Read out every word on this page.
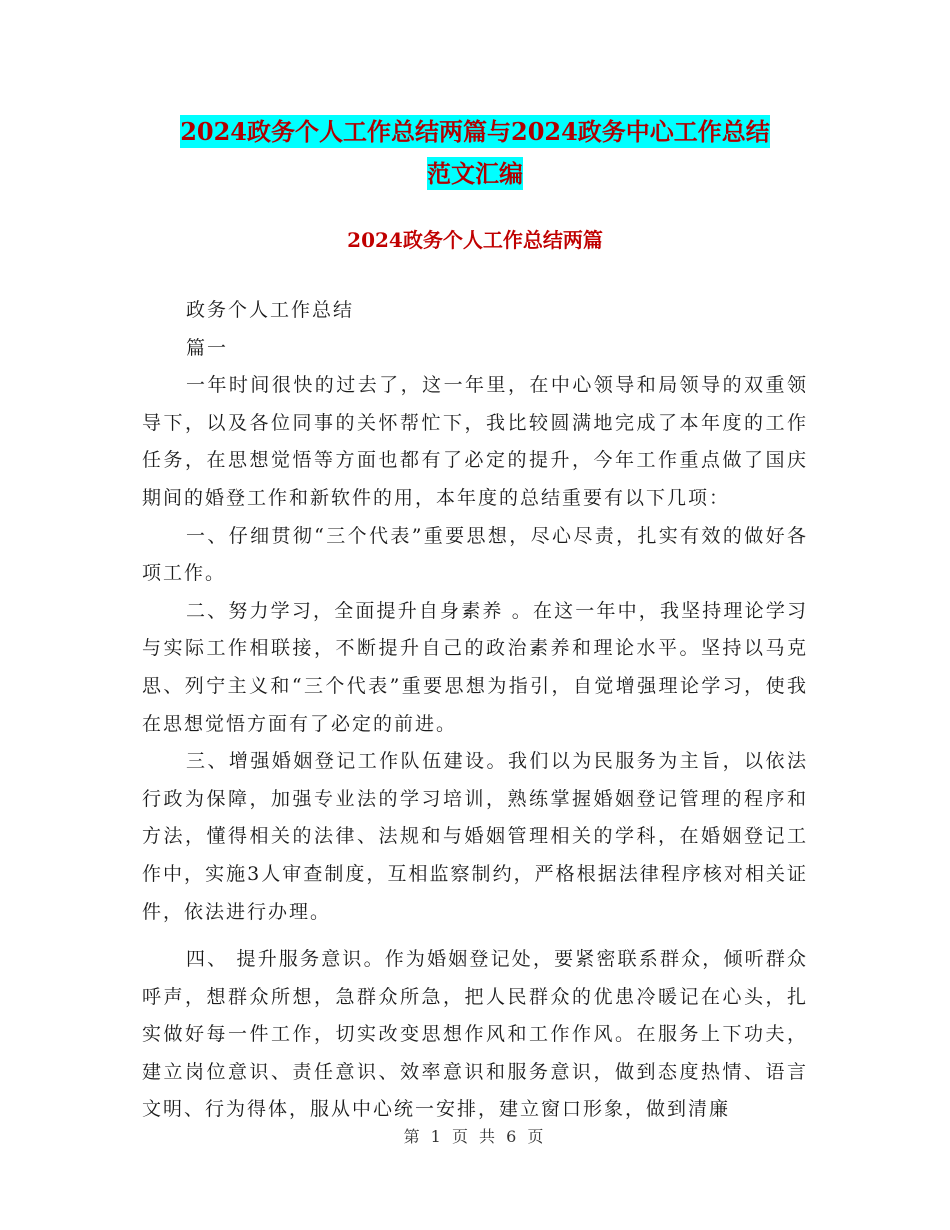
2024政务个人工作总结两篇与2024政务中心工作总结
范文汇编
2024政务个人工作总结两篇

政务个人工作总结

篇一

一年时间很快的过去了，这一年里，在中心领导和局领导的双重领导下，以及各位同事的关怀帮忙下，我比较圆满地完成了本年度的工作任务，在思想觉悟等方面也都有了必定的提升，今年工作重点做了国庆期间的婚登工作和新软件的用，本年度的总结重要有以下几项：

一、仔细贯彻“三个代表”重要思想，尽心尽责，扎实有效的做好各项工作。

二、努力学习，全面提升自身素养 。在这一年中，我坚持理论学习与实际工作相联接，不断提升自己的政治素养和理论水平。坚持以马克思、列宁主义和“三个代表”重要思想为指引，自觉增强理论学习，使我在思想觉悟方面有了必定的前进。

三、增强婚姻登记工作队伍建设。我们以为民服务为主旨，以依法行政为保障，加强专业法的学习培训，熟练掌握婚姻登记管理的程序和方法，懂得相关的法律、法规和与婚姻管理相关的学科，在婚姻登记工作中，实施3人审查制度，互相监察制约，严格根据法律程序核对相关证件，依法进行办理。

四、 提升服务意识。作为婚姻登记处，要紧密联系群众，倾听群众呼声，想群众所想，急群众所急，把人民群众的优患冷暖记在心头，扎实做好每一件工作，切实改变思想作风和工作作风。在服务上下功夫，建立岗位意识、责任意识、效率意识和服务意识，做到态度热情、语言文明、行为得体，服从中心统一安排，建立窗口形象，做到清廉

第 1 页 共 6 页
